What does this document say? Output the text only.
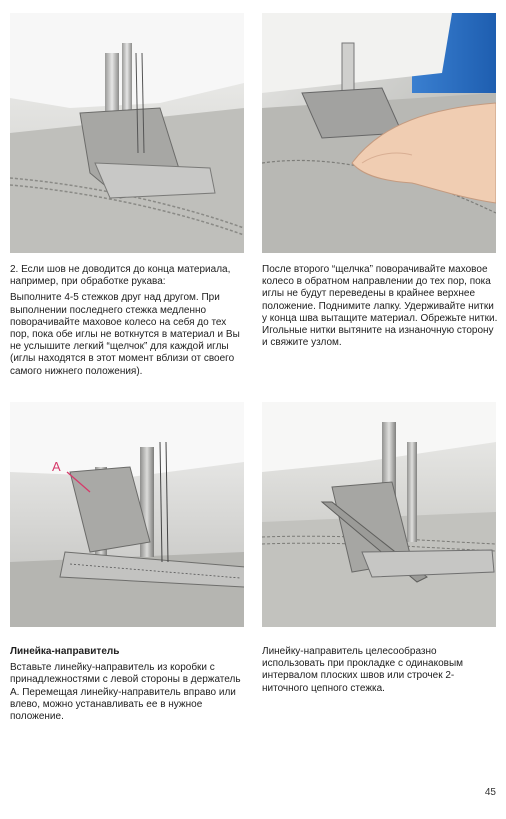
2. Если шов не доводится до конца материала, например, при обработке рукава:

Выполните 4-5 стежков друг над другом. При выполнении последнего стежка медленно поворачивайте маховое колесо на себя до тех пор, пока обе иглы не воткнутся в материал и Вы не услышите легкий “щелчок” для каждой иглы (иглы находятся в этот момент вблизи от своего самого нижнего положения).

После второго “щелчка” поворачивайте маховое колесо в обратном направлении до тех пор, пока иглы не будут переведены в крайнее верхнее положение. Поднимите лапку. Удерживайте нитки у конца шва вытащите материал. Обрежьте нитки. Игольные нитки вытяните на изнаночную сторону и свяжите узлом.

A

Линейка-направитель

Вставьте линейку-направитель из коробки с принадлежностями с левой стороны в держатель A. Перемещая линейку-направитель вправо или влево, можно устанавливать ее в нужное положение.

Линейку-направитель целесообразно использовать при прокладке с одинаковым интервалом плоских швов или строчек 2-ниточного цепного стежка.

45
